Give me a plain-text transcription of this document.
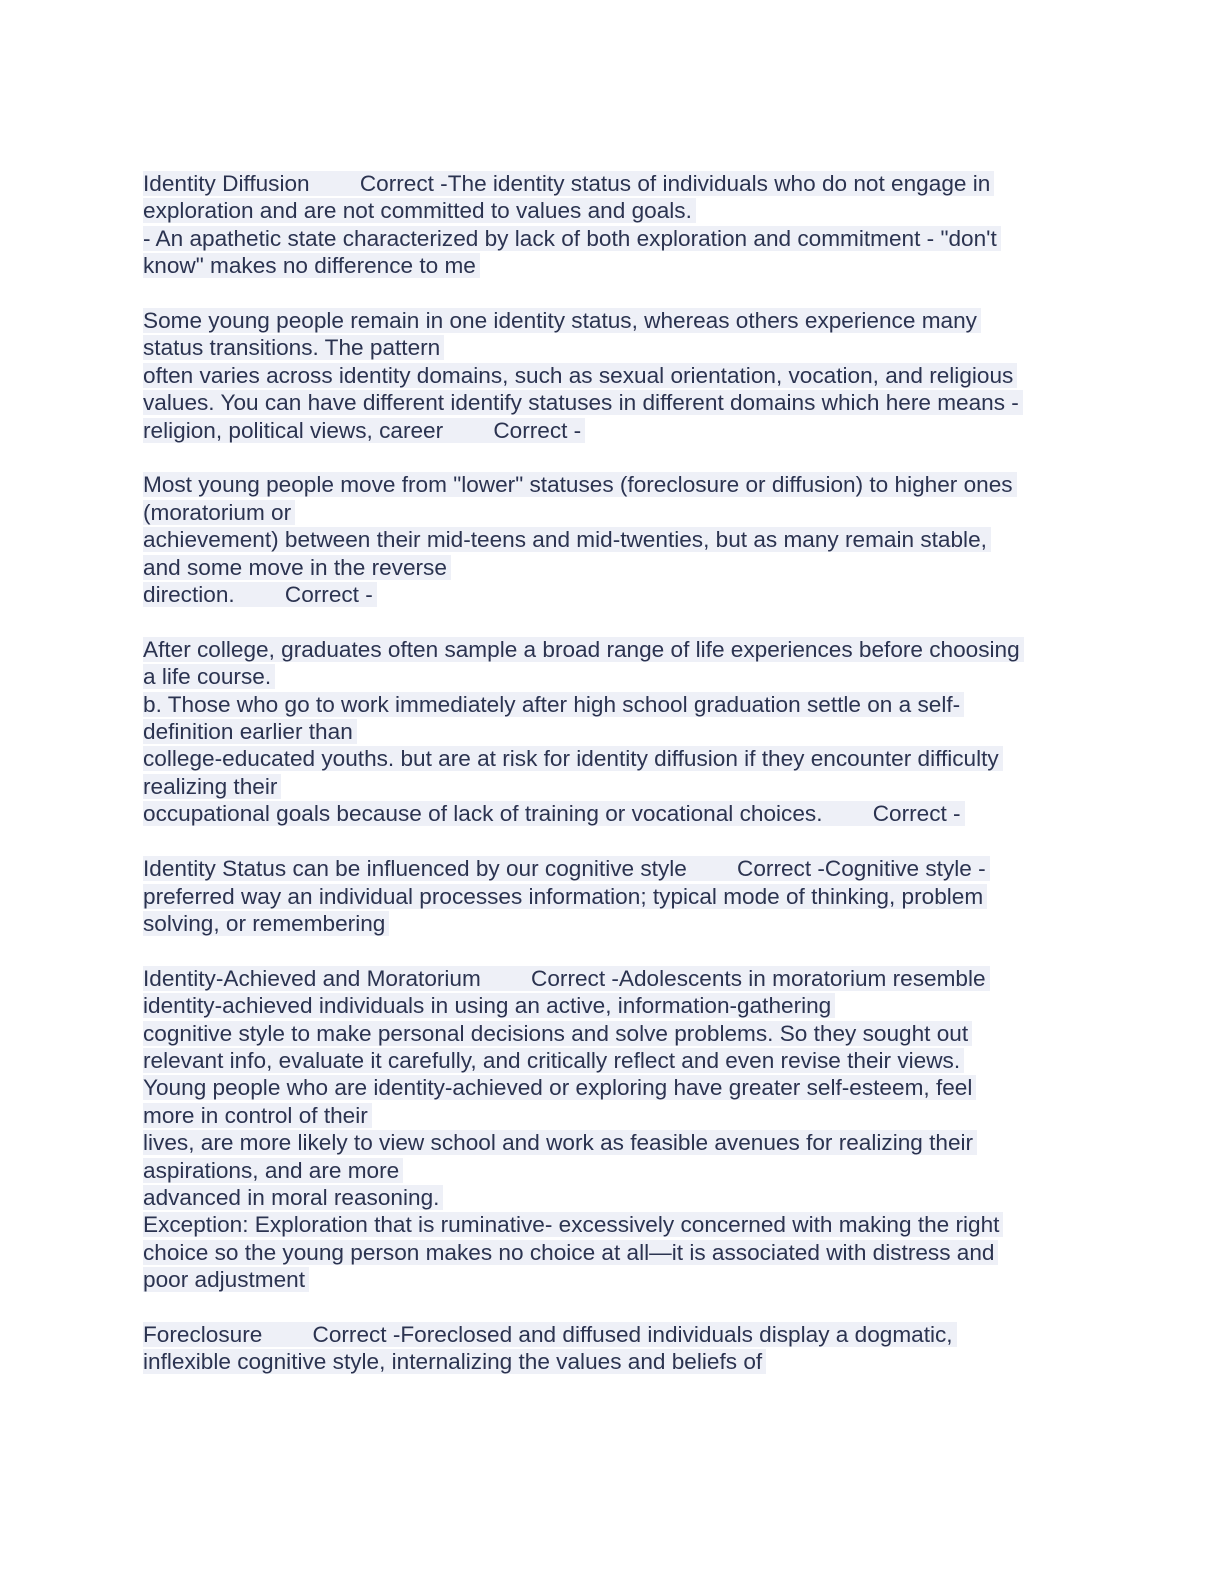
Identity Diffusion        Correct -The identity status of individuals who do not engage in
exploration and are not committed to values and goals.
- An apathetic state characterized by lack of both exploration and commitment - "don't
know" makes no difference to me
Some young people remain in one identity status, whereas others experience many
status transitions. The pattern
often varies across identity domains, such as sexual orientation, vocation, and religious
values. You can have different identify statuses in different domains which here means -
religion, political views, career        Correct -
Most young people move from "lower" statuses (foreclosure or diffusion) to higher ones
(moratorium or
achievement) between their mid-teens and mid-twenties, but as many remain stable,
and some move in the reverse
direction.        Correct -
After college, graduates often sample a broad range of life experiences before choosing
a life course.
b. Those who go to work immediately after high school graduation settle on a self-
definition earlier than
college-educated youths. but are at risk for identity diffusion if they encounter difficulty
realizing their
occupational goals because of lack of training or vocational choices.        Correct -
Identity Status can be influenced by our cognitive style        Correct -Cognitive style -
preferred way an individual processes information; typical mode of thinking, problem
solving, or remembering
Identity-Achieved and Moratorium        Correct -Adolescents in moratorium resemble
identity-achieved individuals in using an active, information-gathering
cognitive style to make personal decisions and solve problems. So they sought out
relevant info, evaluate it carefully, and critically reflect and even revise their views.
Young people who are identity-achieved or exploring have greater self-esteem, feel
more in control of their
lives, are more likely to view school and work as feasible avenues for realizing their
aspirations, and are more
advanced in moral reasoning.
Exception: Exploration that is ruminative- excessively concerned with making the right
choice so the young person makes no choice at all—it is associated with distress and
poor adjustment
Foreclosure        Correct -Foreclosed and diffused individuals display a dogmatic,
inflexible cognitive style, internalizing the values and beliefs of
